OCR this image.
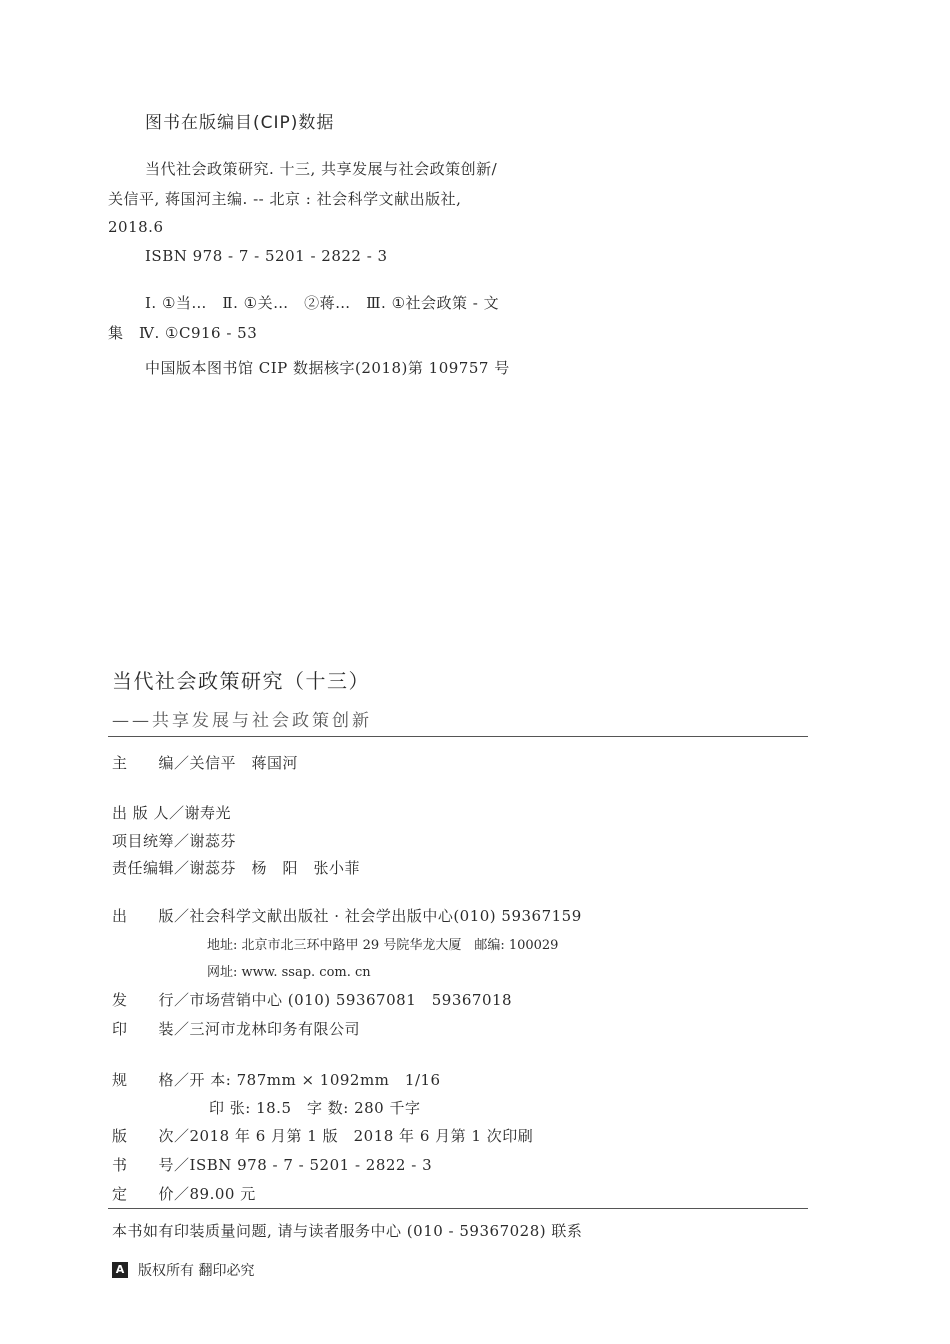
图书在版编目(CIP)数据
当代社会政策研究. 十三, 共享发展与社会政策创新/
关信平, 蒋国河主编. -- 北京 : 社会科学文献出版社,
2018.6
ISBN 978 - 7 - 5201 - 2822 - 3
Ⅰ. ①当…　Ⅱ. ①关…　②蒋…　Ⅲ. ①社会政策 - 文
集　Ⅳ. ①C916 - 53
中国版本图书馆 CIP 数据核字(2018)第 109757 号
当代社会政策研究（十三）
——共享发展与社会政策创新
主　　编／关信平　蒋国河
出 版 人／谢寿光
项目统筹／谢蕊芬
责任编辑／谢蕊芬　杨　阳　张小菲
出　　版／社会科学文献出版社 · 社会学出版中心(010) 59367159
地址: 北京市北三环中路甲 29 号院华龙大厦　邮编: 100029
网址: www. ssap. com. cn
发　　行／市场营销中心 (010) 59367081　59367018
印　　装／三河市龙林印务有限公司
规　　格／开 本: 787mm × 1092mm　1/16
印 张: 18.5　字 数: 280 千字
版　　次／2018 年 6 月第 1 版　2018 年 6 月第 1 次印刷
书　　号／ISBN 978 - 7 - 5201 - 2822 - 3
定　　价／89.00 元
本书如有印装质量问题, 请与读者服务中心 (010 - 59367028) 联系
A 版权所有 翻印必究
